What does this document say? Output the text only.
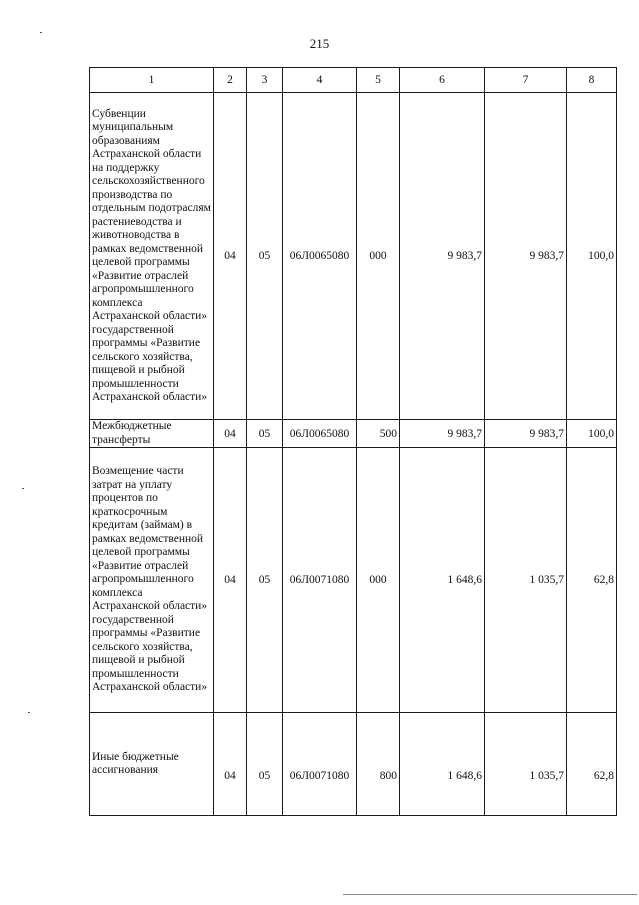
215
1	2	3	4	5	6	7	8
Субвенции муниципальным образованиям Астраханской области на поддержку сельскохозяйственного производства по отдельным подотраслям растениеводства и животноводства в рамках ведомственной целевой программы «Развитие отраслей агропромышленного комплекса Астраханской области» государственной программы «Развитие сельского хозяйства, пищевой и рыбной промышленности Астраханской области»	04	05	06Л0065080	000	9 983,7	9 983,7	100,0
Межбюджетные трансферты	04	05	06Л0065080	500	9 983,7	9 983,7	100,0
Возмещение части затрат на уплату процентов по краткосрочным кредитам (займам) в рамках ведомственной целевой программы «Развитие отраслей агропромышленного комплекса Астраханской области» государственной программы «Развитие сельского хозяйства, пищевой и рыбной промышленности Астраханской области»	04	05	06Л0071080	000	1 648,6	1 035,7	62,8
Иные бюджетные ассигнования	04	05	06Л0071080	800	1 648,6	1 035,7	62,8
